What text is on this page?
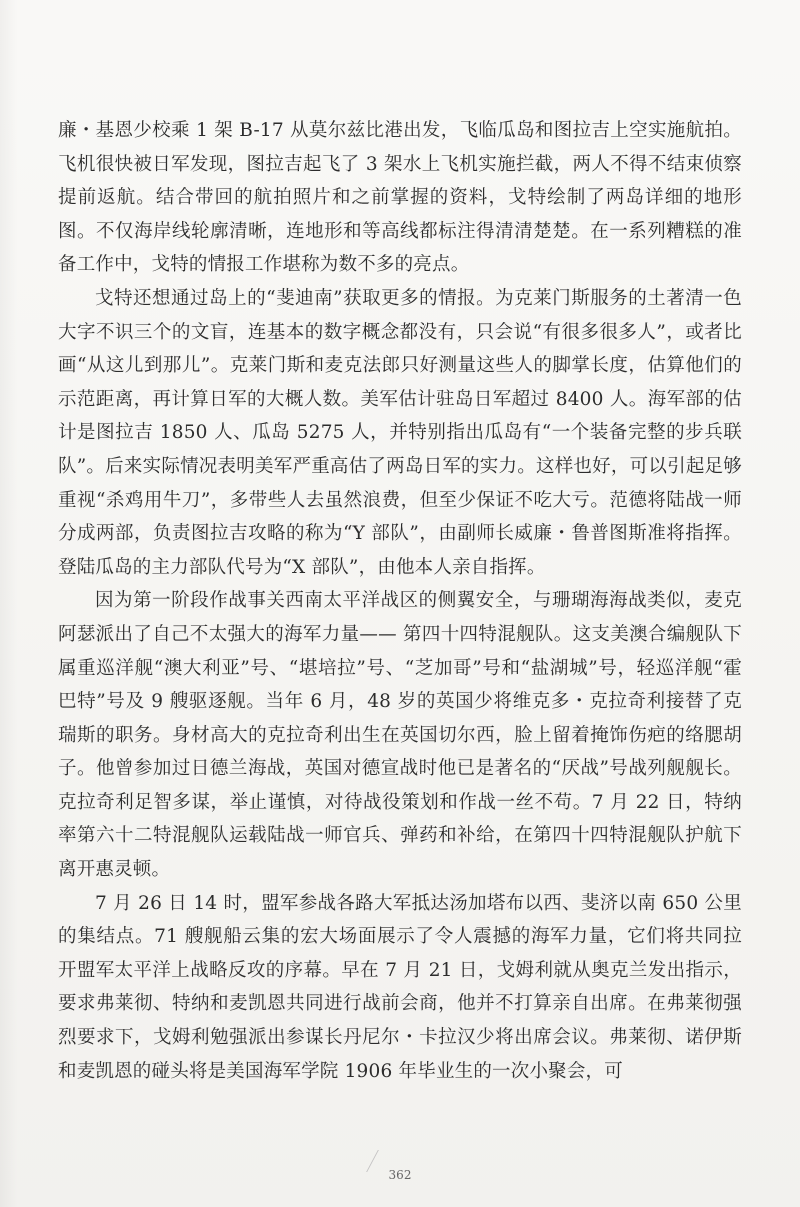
廉・基恩少校乘 1 架 B-17 从莫尔兹比港出发，飞临瓜岛和图拉吉上空实施航拍。飞机很快被日军发现，图拉吉起飞了 3 架水上飞机实施拦截，两人不得不结束侦察提前返航。结合带回的航拍照片和之前掌握的资料，戈特绘制了两岛详细的地形图。不仅海岸线轮廓清晰，连地形和等高线都标注得清清楚楚。在一系列糟糕的准备工作中，戈特的情报工作堪称为数不多的亮点。

戈特还想通过岛上的“斐迪南”获取更多的情报。为克莱门斯服务的土著清一色大字不识三个的文盲，连基本的数字概念都没有，只会说“有很多很多人”，或者比画“从这儿到那儿”。克莱门斯和麦克法郎只好测量这些人的脚掌长度，估算他们的示范距离，再计算日军的大概人数。美军估计驻岛日军超过 8400 人。海军部的估计是图拉吉 1850 人、瓜岛 5275 人，并特别指出瓜岛有“一个装备完整的步兵联队”。后来实际情况表明美军严重高估了两岛日军的实力。这样也好，可以引起足够重视“杀鸡用牛刀”，多带些人去虽然浪费，但至少保证不吃大亏。范德将陆战一师分成两部，负责图拉吉攻略的称为“Y 部队”，由副师长威廉・鲁普图斯准将指挥。登陆瓜岛的主力部队代号为“X 部队”，由他本人亲自指挥。

因为第一阶段作战事关西南太平洋战区的侧翼安全，与珊瑚海海战类似，麦克阿瑟派出了自己不太强大的海军力量—— 第四十四特混舰队。这支美澳合编舰队下属重巡洋舰“澳大利亚”号、“堪培拉”号、“芝加哥”号和“盐湖城”号，轻巡洋舰“霍巴特”号及 9 艘驱逐舰。当年 6 月，48 岁的英国少将维克多・克拉奇利接替了克瑞斯的职务。身材高大的克拉奇利出生在英国切尔西，脸上留着掩饰伤疤的络腮胡子。他曾参加过日德兰海战，英国对德宣战时他已是著名的“厌战”号战列舰舰长。克拉奇利足智多谋，举止谨慎，对待战役策划和作战一丝不苟。7 月 22 日，特纳率第六十二特混舰队运载陆战一师官兵、弹药和补给，在第四十四特混舰队护航下离开惠灵顿。

7 月 26 日 14 时，盟军参战各路大军抵达汤加塔布以西、斐济以南 650 公里的集结点。71 艘舰船云集的宏大场面展示了令人震撼的海军力量，它们将共同拉开盟军太平洋上战略反攻的序幕。早在 7 月 21 日，戈姆利就从奥克兰发出指示，要求弗莱彻、特纳和麦凯恩共同进行战前会商，他并不打算亲自出席。在弗莱彻强烈要求下，戈姆利勉强派出参谋长丹尼尔・卡拉汉少将出席会议。弗莱彻、诺伊斯和麦凯恩的碰头将是美国海军学院 1906 年毕业生的一次小聚会，可

362
